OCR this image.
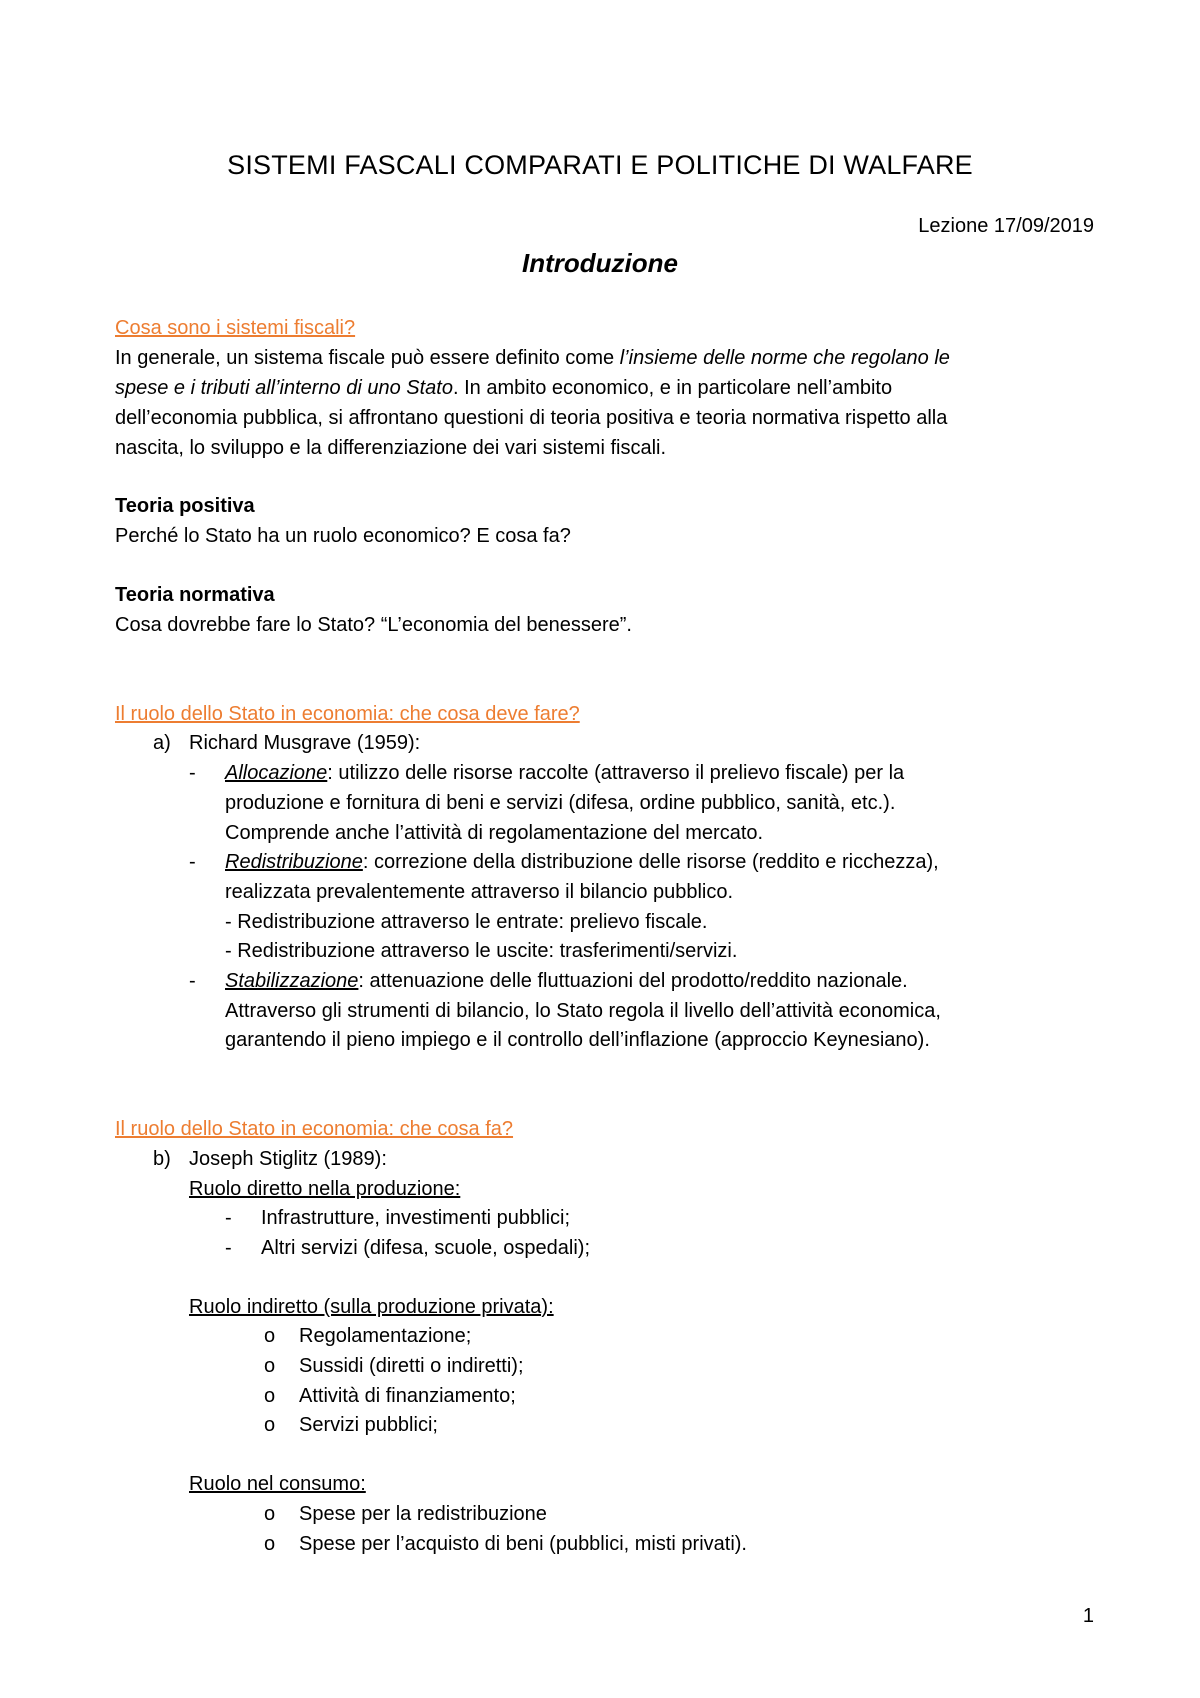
SISTEMI FASCALI COMPARATI E POLITICHE DI WALFARE
Lezione 17/09/2019
Introduzione
Cosa sono i sistemi fiscali?
In generale, un sistema fiscale può essere definito come l’insieme delle norme che regolano le
spese e i tributi all’interno di uno Stato. In ambito economico, e in particolare nell’ambito
dell’economia pubblica, si affrontano questioni di teoria positiva e teoria normativa rispetto alla
nascita, lo sviluppo e la differenziazione dei vari sistemi fiscali.
Teoria positiva
Perché lo Stato ha un ruolo economico? E cosa fa?
Teoria normativa
Cosa dovrebbe fare lo Stato? “L’economia del benessere”.
Il ruolo dello Stato in economia: che cosa deve fare?
a) Richard Musgrave (1959):
- Allocazione: utilizzo delle risorse raccolte (attraverso il prelievo fiscale) per la
produzione e fornitura di beni e servizi (difesa, ordine pubblico, sanità, etc.).
Comprende anche l’attività di regolamentazione del mercato.
- Redistribuzione: correzione della distribuzione delle risorse (reddito e ricchezza),
realizzata prevalentemente attraverso il bilancio pubblico.
- Redistribuzione attraverso le entrate: prelievo fiscale.
- Redistribuzione attraverso le uscite: trasferimenti/servizi.
- Stabilizzazione: attenuazione delle fluttuazioni del prodotto/reddito nazionale.
Attraverso gli strumenti di bilancio, lo Stato regola il livello dell’attività economica,
garantendo il pieno impiego e il controllo dell’inflazione (approccio Keynesiano).
Il ruolo dello Stato in economia: che cosa fa?
b) Joseph Stiglitz (1989):
Ruolo diretto nella produzione:
- Infrastrutture, investimenti pubblici;
- Altri servizi (difesa, scuole, ospedali);
Ruolo indiretto (sulla produzione privata):
o Regolamentazione;
o Sussidi (diretti o indiretti);
o Attività di finanziamento;
o Servizi pubblici;
Ruolo nel consumo:
o Spese per la redistribuzione
o Spese per l’acquisto di beni (pubblici, misti privati).
1
